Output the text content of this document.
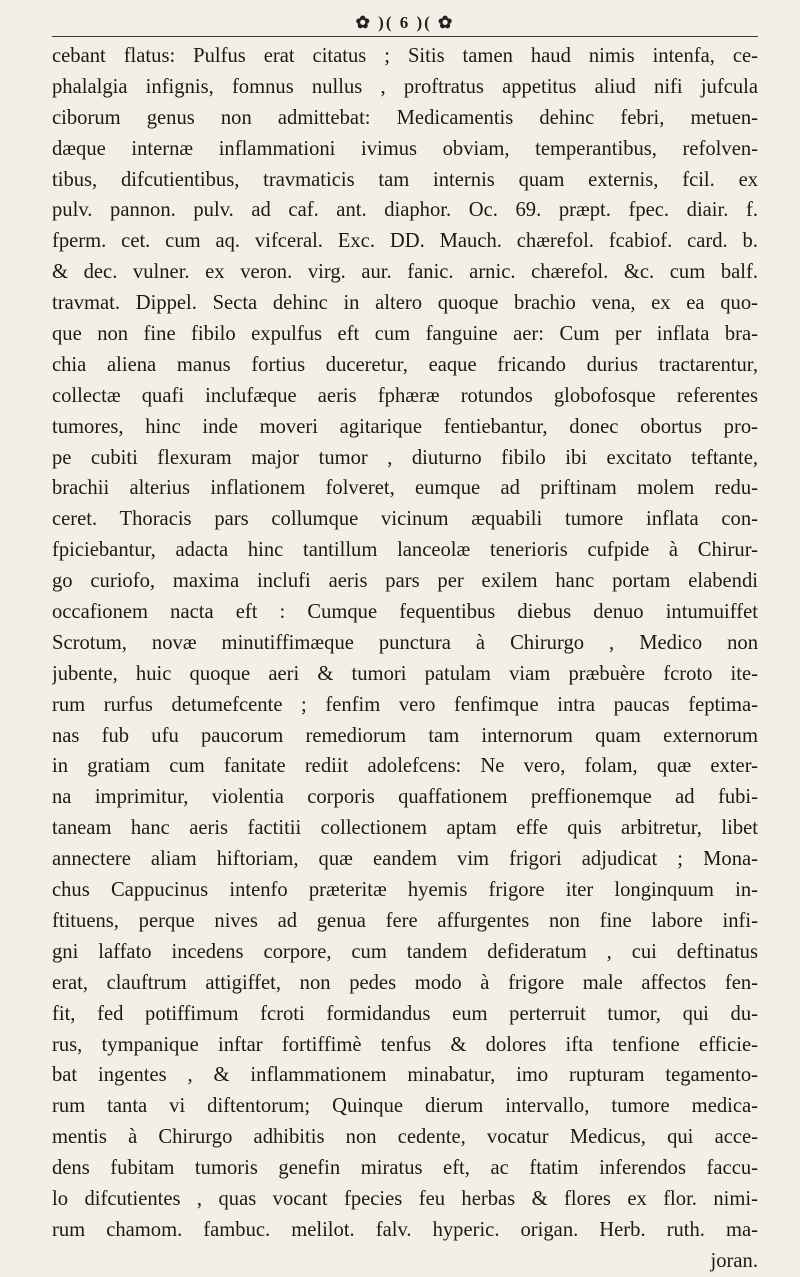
✿ )( 6 )( ✿
cebant flatus: Pulfus erat citatus ; Sitis tamen haud nimis intenfa, ce-
phalalgia infignis, fomnus nullus , proftratus appetitus aliud nifi jufcula
ciborum genus non admittebat: Medicamentis dehinc febri, metuen-
dæque internæ inflammationi ivimus obviam, temperantibus, refolven-
tibus, difcutientibus, travmaticis tam internis quam externis, fcil. ex
pulv. pannon. pulv. ad caf. ant. diaphor. Oc. 69. præpt. fpec. diair. f.
fperm. cet. cum aq. vifceral. Exc. DD. Mauch. chærefol. fcabiof. card. b.
& dec. vulner. ex veron. virg. aur. fanic. arnic. chærefol. &c. cum balf.
travmat. Dippel. Secta dehinc in altero quoque brachio vena, ex ea quo-
que non fine fibilo expulfus eft cum fanguine aer: Cum per inflata bra-
chia aliena manus fortius duceretur, eaque fricando durius tractarentur,
collectæ quafi inclufæque aeris fphæræ rotundos globofosque referentes
tumores, hinc inde moveri agitarique fentiebantur, donec obortus pro-
pe cubiti flexuram major tumor , diuturno fibilo ibi excitato teftante,
brachii alterius inflationem folveret, eumque ad priftinam molem redu-
ceret. Thoracis pars collumque vicinum æquabili tumore inflata con-
fpiciebantur, adacta hinc tantillum lanceolæ tenerioris cufpide à Chirur-
go curiofo, maxima inclufi aeris pars per exilem hanc portam elabendi
occafionem nacta eft : Cumque fequentibus diebus denuo intumuiffet
Scrotum, novæ minutiffimæque punctura à Chirurgo , Medico non
jubente, huic quoque aeri & tumori patulam viam præbuère fcroto ite-
rum rurfus detumefcente ; fenfim vero fenfimque intra paucas feptima-
nas fub ufu paucorum remediorum tam internorum quam externorum
in gratiam cum fanitate rediit adolefcens: Ne vero, folam, quæ exter-
na imprimitur, violentia corporis quaffationem preffionemque ad fubi-
taneam hanc aeris factitii collectionem aptam effe quis arbitretur, libet
annectere aliam hiftoriam, quæ eandem vim frigori adjudicat ; Mona-
chus Cappucinus intenfo præteritæ hyemis frigore iter longinquum in-
ftituens, perque nives ad genua fere affurgentes non fine labore infi-
gni laffato incedens corpore, cum tandem defideratum , cui deftinatus
erat, clauftrum attigiffet, non pedes modo à frigore male affectos fen-
fit, fed potiffimum fcroti formidandus eum perterruit tumor, qui du-
rus, tympanique inftar fortiffimè tenfus & dolores ifta tenfione efficie-
bat ingentes , & inflammationem minabatur, imo rupturam tegamento-
rum tanta vi diftentorum; Quinque dierum intervallo, tumore medica-
mentis à Chirurgo adhibitis non cedente, vocatur Medicus, qui acce-
dens fubitam tumoris genefin miratus eft, ac ftatim inferendos faccu-
lo difcutientes , quas vocant fpecies feu herbas & flores ex flor. nimi-
rum chamom. fambuc. melilot. falv. hyperic. origan. Herb. ruth. ma-
joran.
